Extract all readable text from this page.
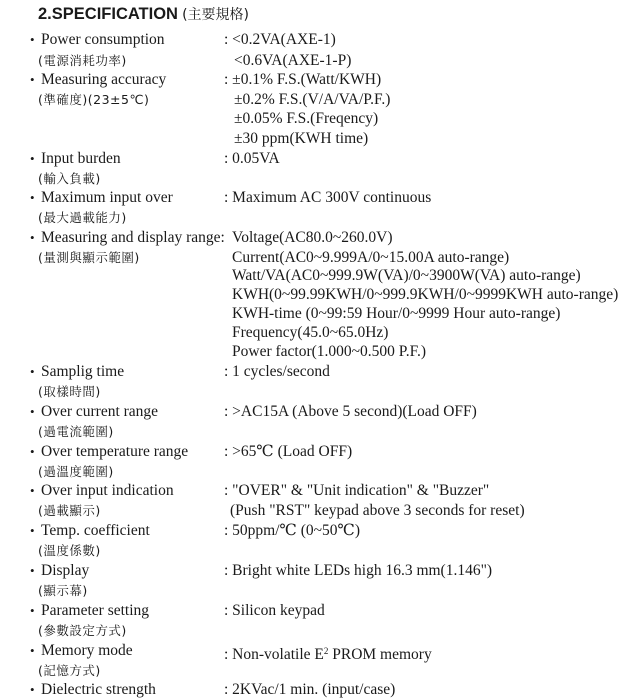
2.SPECIFICATION (主要規格)
• Power consumption	: <0.2VA(AXE-1)
(電源消耗功率)	<0.6VA(AXE-1-P)
• Measuring accuracy	: ±0.1% F.S.(Watt/KWH)
(準確度)(23±5℃)	±0.2% F.S.(V/A/VA/P.F.)
±0.05% F.S.(Freqency)
±30 ppm(KWH time)
• Input burden	: 0.05VA
(輸入負載)
• Maximum input over	: Maximum AC 300V continuous
(最大過載能力)
• Measuring and display range: Voltage(AC80.0~260.0V)
(量測與顯示範圍)	Current(AC0~9.999A/0~15.00A auto-range)
Watt/VA(AC0~999.9W(VA)/0~3900W(VA) auto-range)
KWH(0~99.99KWH/0~999.9KWH/0~9999KWH auto-range)
KWH-time (0~99:59 Hour/0~9999 Hour auto-range)
Frequency(45.0~65.0Hz)
Power factor(1.000~0.500 P.F.)
• Samplig time	: 1 cycles/second
(取樣時間)
• Over current range	: >AC15A (Above 5 second)(Load OFF)
(過電流範圍)
• Over temperature range : >65℃ (Load OFF)
(過溫度範圍)
• Over input indication	: "OVER" & "Unit indication" & "Buzzer"
(過載顯示)	(Push "RST" keypad above 3 seconds for reset)
• Temp. coefficient	: 50ppm/℃ (0~50℃)
(溫度係數)
• Display	: Bright white LEDs high 16.3 mm(1.146")
(顯示幕)
• Parameter setting	: Silicon keypad
(參數設定方式)
• Memory mode	: Non-volatile $E^2$ PROM memory
(記憶方式)
• Dielectric strength	: 2KVac/1 min. (input/case)
